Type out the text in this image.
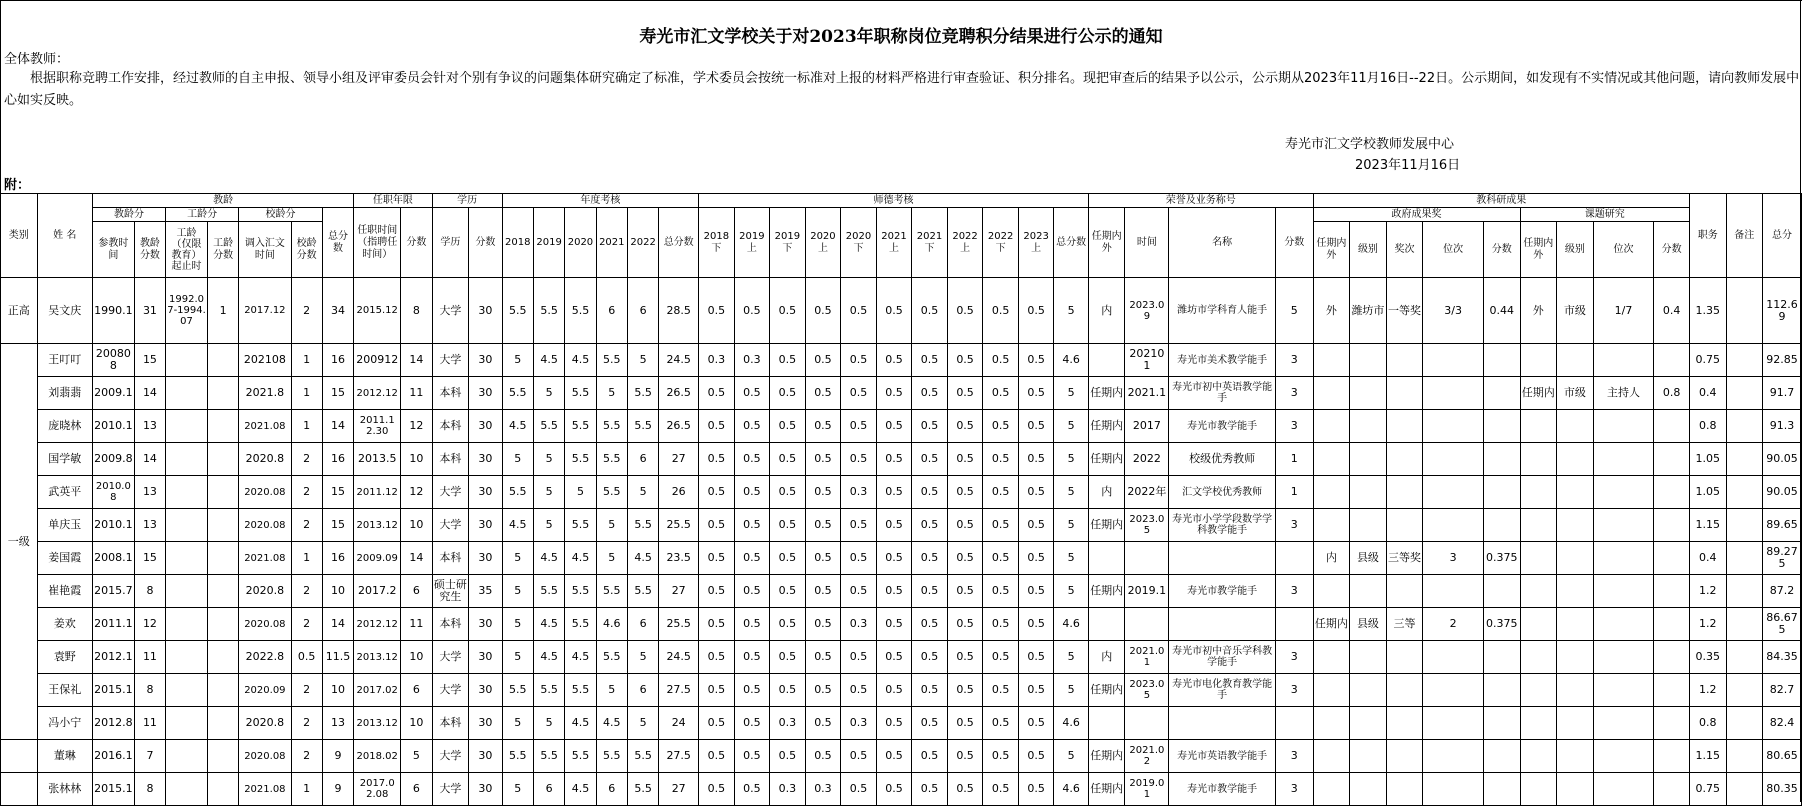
寿光市汇文学校关于对2023年职称岗位竞聘积分结果进行公示的通知
全体教师：
根据职称竞聘工作安排，经过教师的自主申报、领导小组及评审委员会针对个别有争议的问题集体研究确定了标准，学术委员会按统一标准对上报的材料严格进行审查验证、积分排名。现把审查后的结果予以公示，公示期从2023年11月16日--22日。公示期间，如发现有不实情况或其他问题，请向教师发展中心如实反映。
寿光市汇文学校教师发展中心
2023年11月16日
附：
类别	姓 名	教龄							任职年限		学历		年度考核						师德考核											荣誉及业务称号				教科研成果									职务	备注	总分
		教龄分		工龄分		校龄分		总分数	任职时间（指聘任时间）	分数	学历	分数	2018	2019	2020	2021	2022	总分数	2018下	2019上	2019下	2020上	2020下	2021上	2021下	2022上	2022下	2023上	总分数	任期内外	时间	名称	分数	政府成果奖					课题研究						
		参教时间	教龄分数	工龄（仅限教育）起止时	工龄分数	调入汇文时间	校龄分数																											任期内外	级别	奖次	位次	分数	任期内外	级别	位次	分数			

正高	吴文庆	1990.1	31	1992.07-1994.07	1	2017.12	2	34	2015.12	8	大学	30	5.5	5.5	5.5	6	6	28.5	0.5	0.5	0.5	0.5	0.5	0.5	0.5	0.5	0.5	0.5	5	内	2023.09	潍坊市学科育人能手	5	外	潍坊市	一等奖	3/3	0.44	外	市级	1/7	0.4	1.35		112.69
一级	王叮叮	200808	15			202108	1	16	200912	14	大学	30	5	4.5	4.5	5.5	5	24.5	0.3	0.3	0.5	0.5	0.5	0.5	0.5	0.5	0.5	0.5	4.6		202101	寿光市美术教学能手	3										0.75		92.85
	刘翡翡	2009.1	14			2021.8	1	15	2012.12	11	本科	30	5.5	5	5.5	5	5.5	26.5	0.5	0.5	0.5	0.5	0.5	0.5	0.5	0.5	0.5	0.5	5	任期内	2021.1	寿光市初中英语教学能手	3						任期内	市级	主持人	0.8	0.4		91.7
	庞晓林	2010.1	13			2021.08	1	14	2011.12.30	12	本科	30	4.5	5.5	5.5	5.5	5.5	26.5	0.5	0.5	0.5	0.5	0.5	0.5	0.5	0.5	0.5	0.5	5	任期内	2017	寿光市教学能手	3										0.8		91.3
	国学敏	2009.8	14			2020.8	2	16	2013.5	10	本科	30	5	5	5.5	5.5	6	27	0.5	0.5	0.5	0.5	0.5	0.5	0.5	0.5	0.5	0.5	5	任期内	2022	校级优秀教师	1										1.05		90.05
	武英平	2010.08	13			2020.08	2	15	2011.12	12	大学	30	5.5	5	5	5.5	5	26	0.5	0.5	0.5	0.5	0.3	0.5	0.5	0.5	0.5	0.5	5	内	2022年	汇文学校优秀教师	1										1.05		90.05
	单庆玉	2010.1	13			2020.08	2	15	2013.12	10	大学	30	4.5	5	5.5	5	5.5	25.5	0.5	0.5	0.5	0.5	0.5	0.5	0.5	0.5	0.5	0.5	5	任期内	2023.05	寿光市小学学段数学学科教学能手	3										1.15		89.65
	姜国霞	2008.1	15			2021.08	1	16	2009.09	14	本科	30	5	4.5	4.5	5	4.5	23.5	0.5	0.5	0.5	0.5	0.5	0.5	0.5	0.5	0.5	0.5	5					内	县级	三等奖	3	0.375					0.4		89.275
	崔艳霞	2015.7	8			2020.8	2	10	2017.2	6	硕士研究生	35	5	5.5	5.5	5.5	5.5	27	0.5	0.5	0.5	0.5	0.5	0.5	0.5	0.5	0.5	0.5	5	任期内	2019.1	寿光市教学能手	3										1.2		87.2
	姜欢	2011.1	12			2020.08	2	14	2012.12	11	本科	30	5	4.5	5.5	4.6	6	25.5	0.5	0.5	0.5	0.5	0.3	0.5	0.5	0.5	0.5	0.5	4.6					任期内	县级	三等	2	0.375					1.2		86.675
	袁野	2012.1	11			2022.8	0.5	11.5	2013.12	10	大学	30	5	4.5	4.5	5.5	5	24.5	0.5	0.5	0.5	0.5	0.5	0.5	0.5	0.5	0.5	0.5	5	内	2021.01	寿光市初中音乐学科教学能手	3										0.35		84.35
	王保礼	2015.1	8			2020.09	2	10	2017.02	6	大学	30	5.5	5.5	5.5	5	6	27.5	0.5	0.5	0.5	0.5	0.5	0.5	0.5	0.5	0.5	0.5	5	任期内	2023.05	寿光市电化教育教学能手	3										1.2		82.7
	冯小宁	2012.8	11			2020.8	2	13	2013.12	10	本科	30	5	5	4.5	4.5	5	24	0.5	0.5	0.3	0.5	0.3	0.5	0.5	0.5	0.5	0.5	4.6														0.8		82.4
	董琳	2016.1	7			2020.08	2	9	2018.02	5	大学	30	5.5	5.5	5.5	5.5	5.5	27.5	0.5	0.5	0.5	0.5	0.5	0.5	0.5	0.5	0.5	0.5	5	任期内	2021.02	寿光市英语教学能手	3										1.15		80.65
	张林林	2015.1	8			2021.08	1	9	2017.02.08	6	大学	30	5	6	4.5	6	5.5	27	0.5	0.5	0.3	0.3	0.5	0.5	0.5	0.5	0.5	0.5	4.6	任期内	2019.01	寿光市教学能手	3										0.75		80.35
